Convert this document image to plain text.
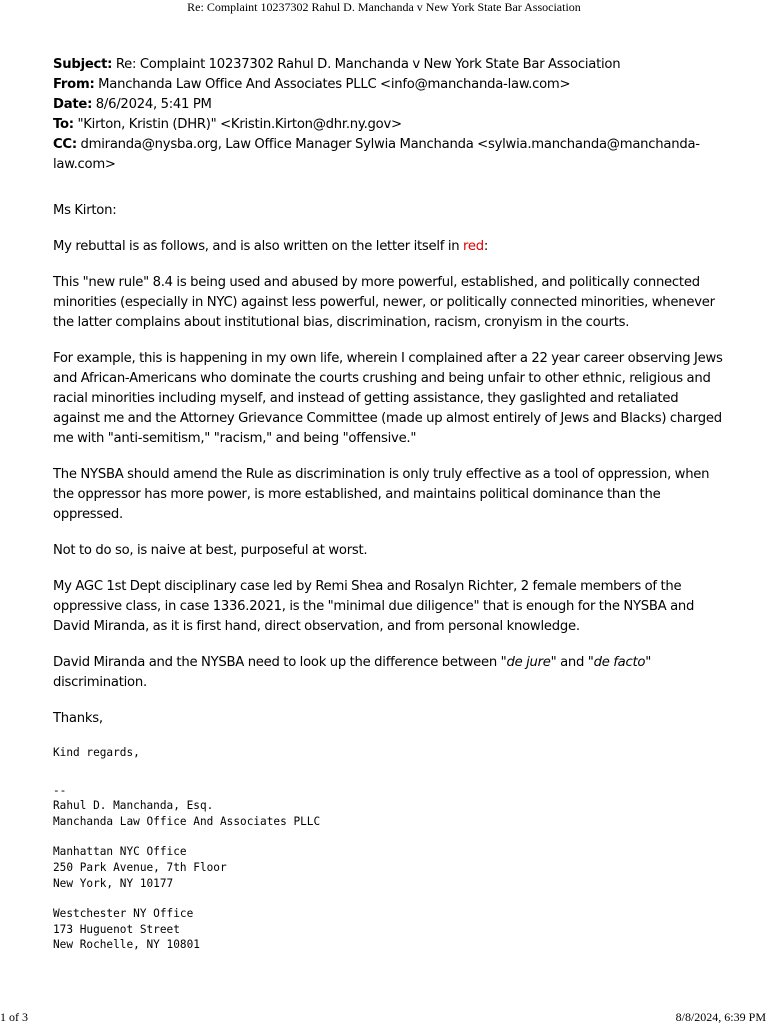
Re: Complaint 10237302 Rahul D. Manchanda v New York State Bar Association

Subject: Re: Complaint 10237302 Rahul D. Manchanda v New York State Bar Association

From: Manchanda Law Office And Associates PLLC <info@manchanda-law.com>

Date: 8/6/2024, 5:41 PM

To: "Kirton, Kristin (DHR)" <Kristin.Kirton@dhr.ny.gov>

CC: dmiranda@nysba.org, Law Office Manager Sylwia Manchanda <sylwia.manchanda@manchanda-

law.com>

Ms Kirton:

My rebuttal is as follows, and is also written on the letter itself in red:

This "new rule" 8.4 is being used and abused by more powerful, established, and politically connected minorities (especially in NYC) against less powerful, newer, or politically connected minorities, whenever the latter complains about institutional bias, discrimination, racism, cronyism in the courts.

For example, this is happening in my own life, wherein I complained after a 22 year career observing Jews and African-Americans who dominate the courts crushing and being unfair to other ethnic, religious and racial minorities including myself, and instead of getting assistance, they gaslighted and retaliated against me and the Attorney Grievance Committee (made up almost entirely of Jews and Blacks) charged me with "anti-semitism," "racism," and being "offensive."

The NYSBA should amend the Rule as discrimination is only truly effective as a tool of oppression, when the oppressor has more power, is more established, and maintains political dominance than the oppressed.

Not to do so, is naive at best, purposeful at worst.

My AGC 1st Dept disciplinary case led by Remi Shea and Rosalyn Richter, 2 female members of the oppressive class, in case 1336.2021, is the "minimal due diligence" that is enough for the NYSBA and David Miranda, as it is first hand, direct observation, and from personal knowledge.

David Miranda and the NYSBA need to look up the difference between "de jure" and "de facto" discrimination.

Thanks,

Kind regards,
--
Rahul D. Manchanda, Esq.
Manchanda Law Office And Associates PLLC
Manhattan NYC Office
250 Park Avenue, 7th Floor
New York, NY 10177
Westchester NY Office
173 Huguenot Street
New Rochelle, NY 10801
1 of 3	8/8/2024, 6:39 PM
